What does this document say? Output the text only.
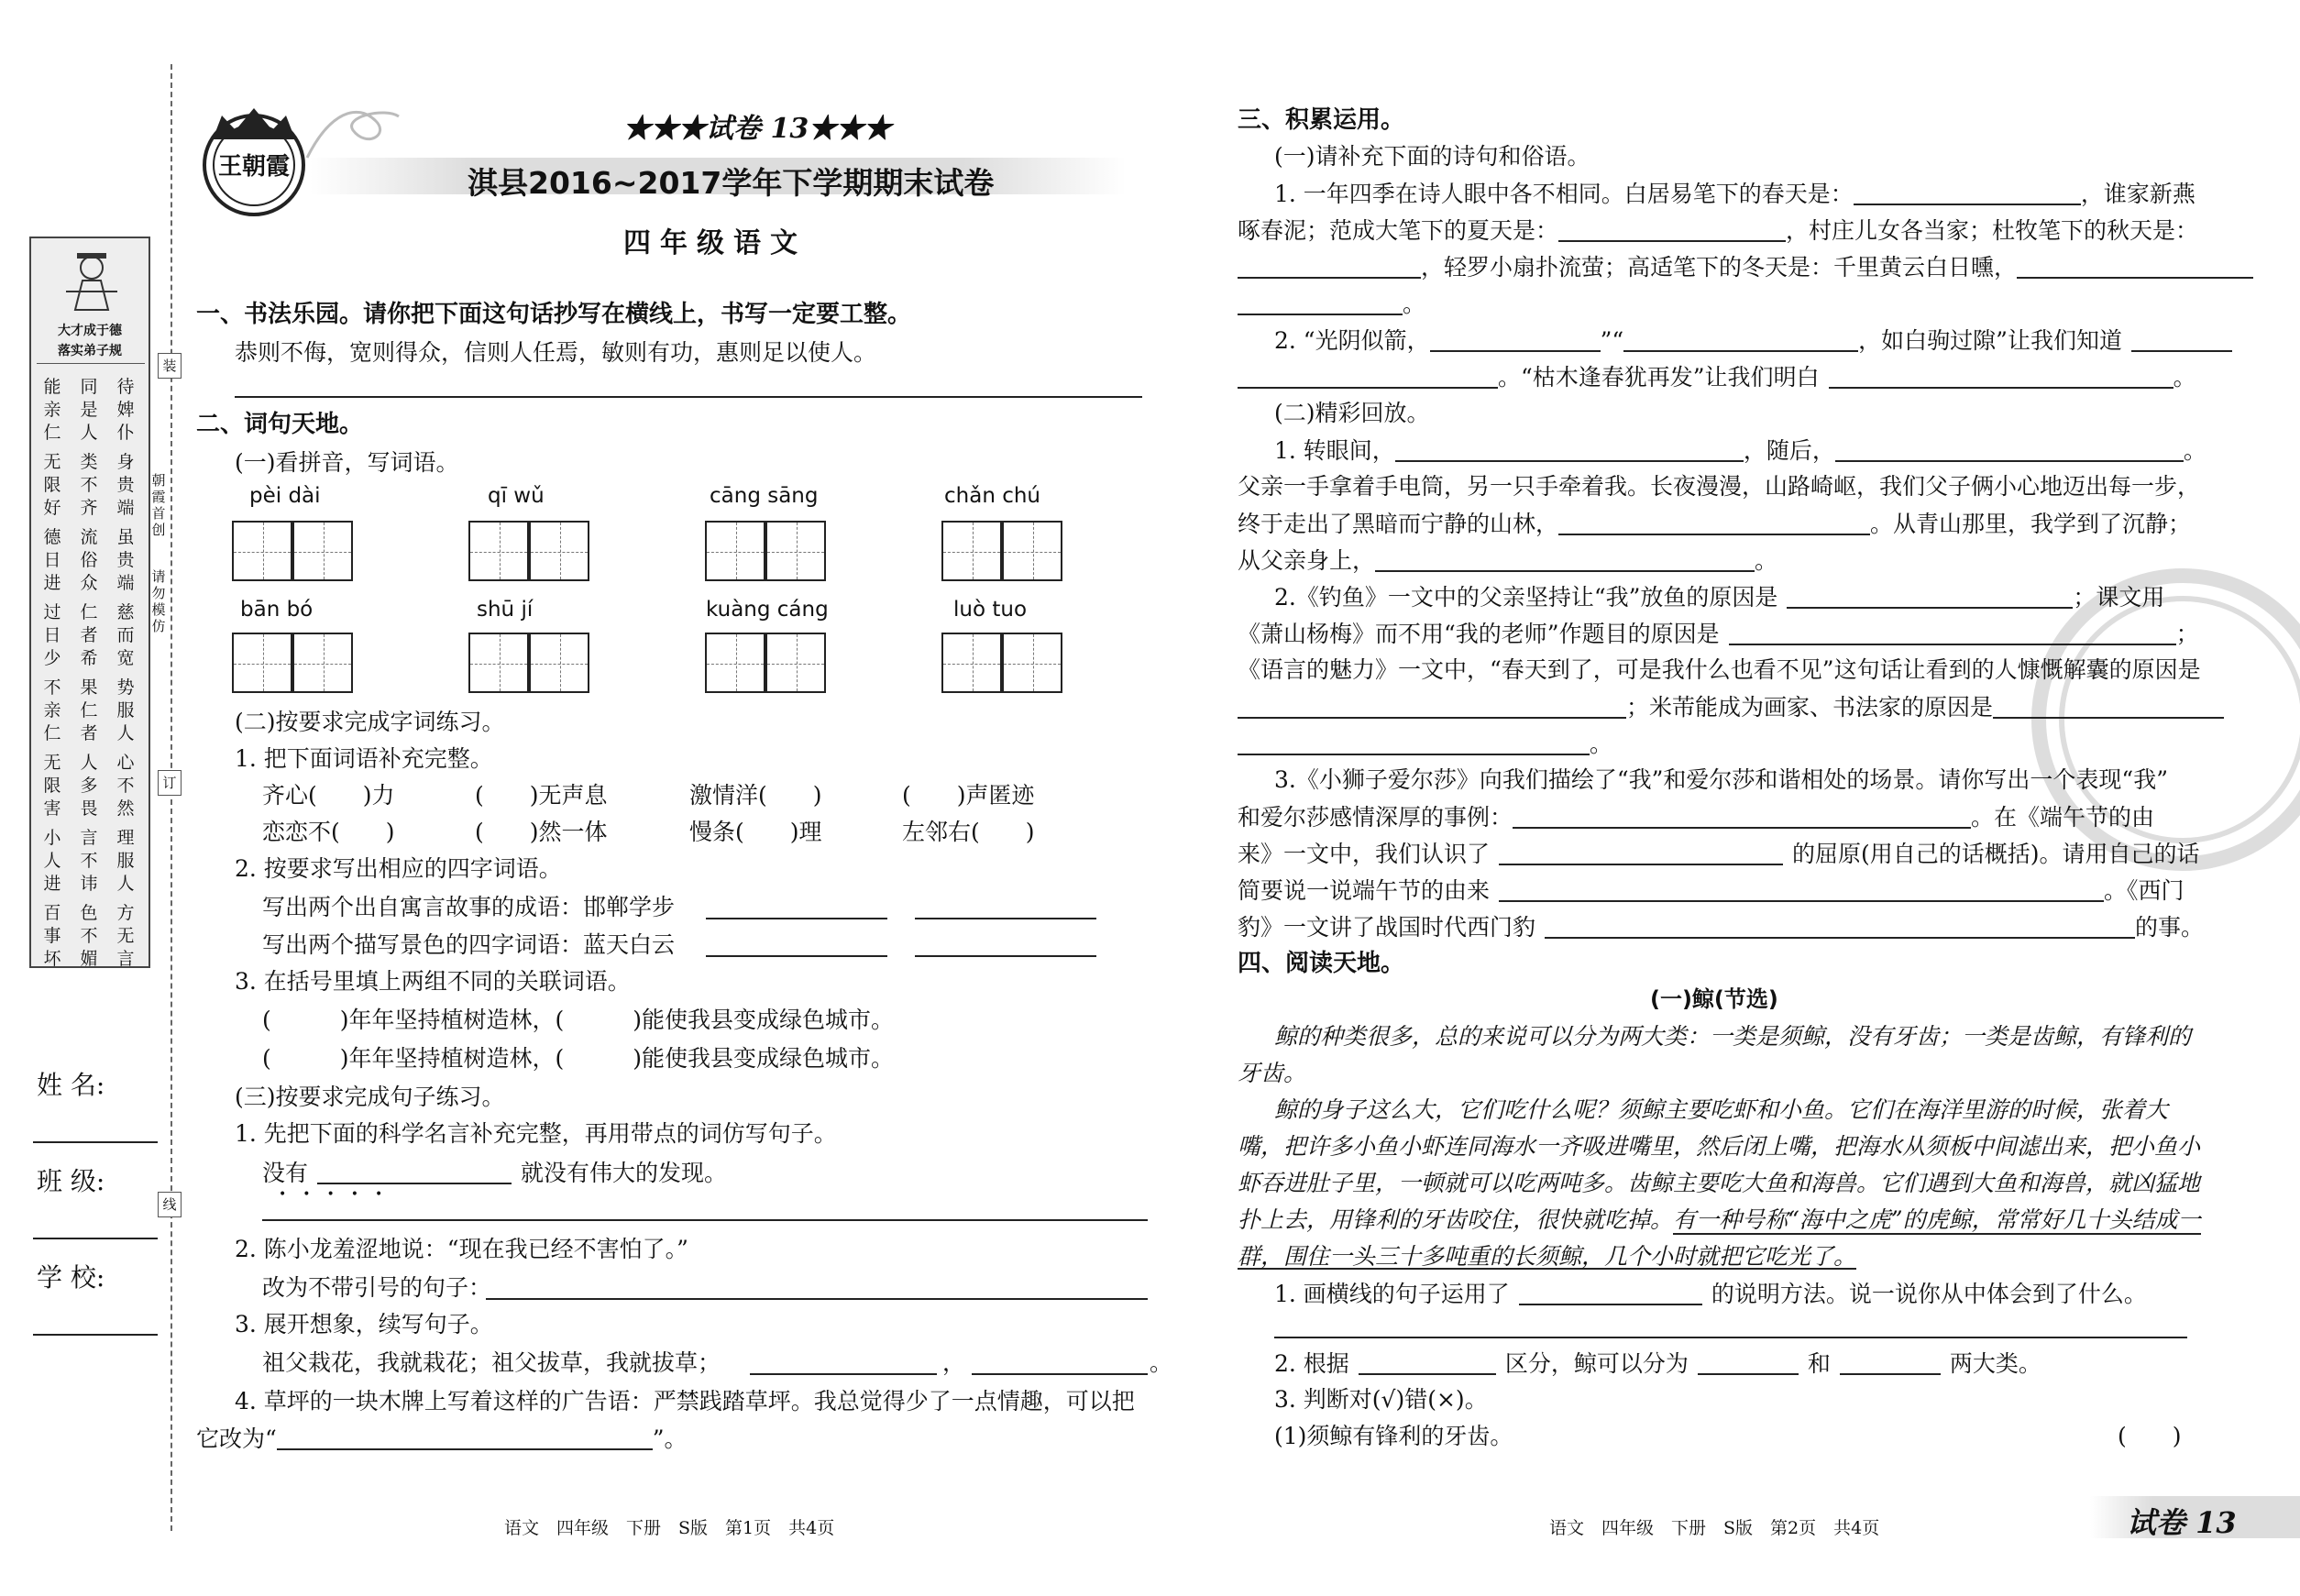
装
订
线
朝霞首创
请勿模仿
大才成于德
落实弟子规
能亲仁
同是人
待婢仆
无限好
类不齐
身贵端
德日进
流俗众
虽贵端
过日少
仁者希
慈而宽
不亲仁
果仁者
势服人
无限害
人多畏
心不然
小人进
言不讳
理服人
百事坏
色不媚
方无言
姓 名:
班 级:
学 校:
王朝霞
★★★试卷 13★★★
淇县2016~2017学年下学期期末试卷
四年级语文
一、书法乐园。请你把下面这句话抄写在横线上，书写一定要工整。
恭则不侮，宽则得众，信则人任焉，敏则有功，惠则足以使人。
二、词句天地。
(一)看拼音，写词语。
pèi dài	qī wǔ	cāng sāng	chǎn chú
bān bó	shū jí	kuàng cáng	luò tuo
(二)按要求完成字词练习。
1. 把下面词语补充完整。
齐心(　　)力	(　　)无声息	激情洋(　　)	(　　)声匿迹
恋恋不(　　)	(　　)然一体	慢条(　　)理	左邻右(　　)
2. 按要求写出相应的四字词语。
写出两个出自寓言故事的成语：邯郸学步
写出两个描写景色的四字词语：蓝天白云
3. 在括号里填上两组不同的关联词语。
(　　　)年年坚持植树造林，(　　　)能使我县变成绿色城市。
(　　　)年年坚持植树造林，(　　　)能使我县变成绿色城市。
(三)按要求完成句子练习。
1. 先把下面的科学名言补充完整，再用带点的词仿写句子。
没有	就没有伟大的发现。
•••••
2. 陈小龙羞涩地说：“现在我已经不害怕了。”
改为不带引号的句子：
3. 展开想象，续写句子。
祖父栽花，我就栽花；祖父拔草，我就拔草；	，	。
4. 草坪的一块木牌上写着这样的广告语：严禁践踏草坪。我总觉得少了一点情趣，可以把
它改为“	”。
语文　四年级　下册　S版　第1页　共4页
三、积累运用。
(一)请补充下面的诗句和俗语。
1. 一年四季在诗人眼中各不相同。白居易笔下的春天是：	，谁家新燕
啄春泥；范成大笔下的夏天是：	，村庄儿女各当家；杜牧笔下的秋天是：
，轻罗小扇扑流萤；高适笔下的冬天是：千里黄云白日曛，
。
2. “光阴似箭，	”“	，如白驹过隙”让我们知道
。“枯木逢春犹再发”让我们明白	。
(二)精彩回放。
1. 转眼间，	，随后，	。
父亲一手拿着手电筒，另一只手牵着我。长夜漫漫，山路崎岖，我们父子俩小心地迈出每一步，
终于走出了黑暗而宁静的山林，	。从青山那里，我学到了沉静；
从父亲身上，	。
2.《钓鱼》一文中的父亲坚持让“我”放鱼的原因是	；课文用
《萧山杨梅》而不用“我的老师”作题目的原因是	；
《语言的魅力》一文中，“春天到了，可是我什么也看不见”这句话让看到的人慷慨解囊的原因是
；米芾能成为画家、书法家的原因是
。
3.《小狮子爱尔莎》向我们描绘了“我”和爱尔莎和谐相处的场景。请你写出一个表现“我”
和爱尔莎感情深厚的事例：	。在《端午节的由
来》一文中，我们认识了	的屈原(用自己的话概括)。请用自己的话
简要说一说端午节的由来	。《西门
豹》一文讲了战国时代西门豹	的事。
四、阅读天地。
(一)鲸(节选)
鲸的种类很多，总的来说可以分为两大类：一类是须鲸，没有牙齿；一类是齿鲸，有锋利的
牙齿。
鲸的身子这么大，它们吃什么呢？须鲸主要吃虾和小鱼。它们在海洋里游的时候，张着大
嘴，把许多小鱼小虾连同海水一齐吸进嘴里，然后闭上嘴，把海水从须板中间滤出来，把小鱼小
虾吞进肚子里，一顿就可以吃两吨多。齿鲸主要吃大鱼和海兽。它们遇到大鱼和海兽，就凶猛地
扑上去，用锋利的牙齿咬住，很快就吃掉。有一种号称“海中之虎”的虎鲸，常常好几十头结成一
群，围住一头三十多吨重的长须鲸，几个小时就把它吃光了。
1. 画横线的句子运用了	的说明方法。说一说你从中体会到了什么。
2. 根据	区分，鲸可以分为	和	两大类。
3. 判断对(√)错(×)。
(1)须鲸有锋利的牙齿。	(　　)
语文　四年级　下册　S版　第2页　共4页	试卷 13
